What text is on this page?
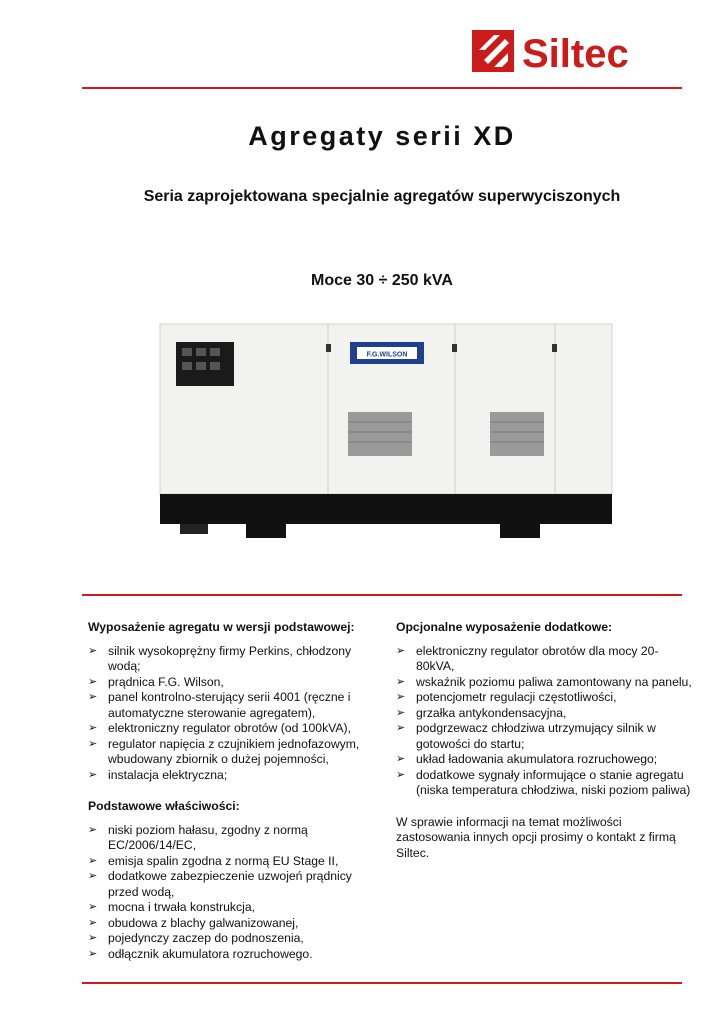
Siltec
Agregaty serii XD
Seria zaprojektowana specjalnie agregatów superwyciszonych
Moce 30 ÷ 250 kVA
F.G.WILSON
Wyposażenie agregatu w wersji podstawowej:
➢ silnik wysokoprężny firmy Perkins, chłodzony wodą;
➢ prądnica F.G. Wilson,
➢ panel kontrolno-sterujący serii 4001 (ręczne i automatyczne sterowanie agregatem),
➢ elektroniczny regulator obrotów (od 100kVA),
➢ regulator napięcia z czujnikiem jednofazowym, wbudowany zbiornik o dużej pojemności,
➢ instalacja elektryczna;
Podstawowe właściwości:
➢ niski poziom hałasu, zgodny z normą EC/2006/14/EC,
➢ emisja spalin zgodna z normą EU Stage II,
➢ dodatkowe zabezpieczenie uzwojeń prądnicy przed wodą,
➢ mocna i trwała konstrukcja,
➢ obudowa z blachy galwanizowanej,
➢ pojedynczy zaczep do podnoszenia,
➢ odłącznik akumulatora rozruchowego.
Opcjonalne wyposażenie dodatkowe:
➢ elektroniczny regulator obrotów dla mocy 20-80kVA,
➢ wskaźnik poziomu paliwa zamontowany na panelu,
➢ potencjometr regulacji częstotliwości,
➢ grzałka antykondensacyjna,
➢ podgrzewacz chłodziwa utrzymujący silnik w gotowości do startu;
➢ układ ładowania akumulatora rozruchowego;
➢ dodatkowe sygnały informujące o stanie agregatu (niska temperatura chłodziwa, niski poziom paliwa)
W sprawie informacji na temat możliwości zastosowania innych opcji prosimy o kontakt z firmą Siltec.
